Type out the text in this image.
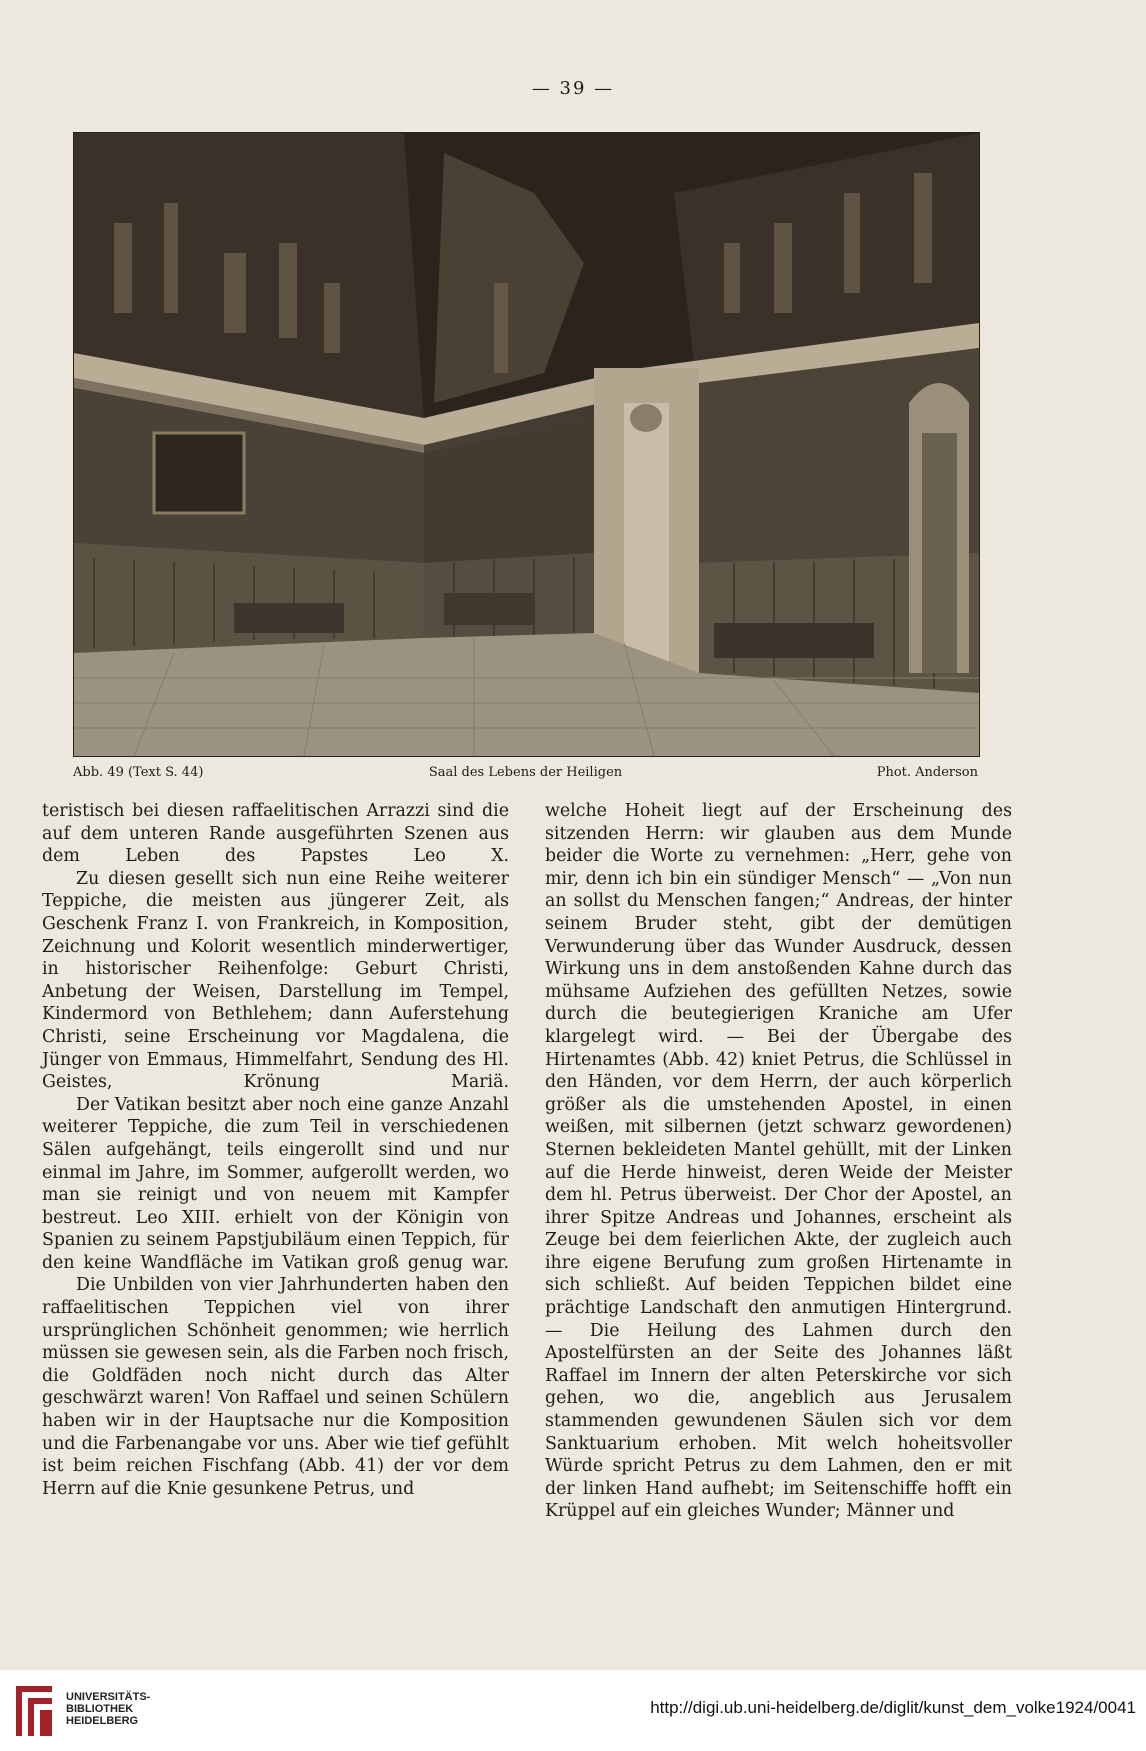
— 39 —
Abb. 49 (Text S. 44)	Saal des Lebens der Heiligen	Phot. Anderson

teristisch bei diesen raffaelitischen Arrazzi sind die auf dem unteren Rande ausgeführten Szenen aus dem Leben des Papstes Leo X.

Zu diesen gesellt sich nun eine Reihe weiterer Teppiche, die meisten aus jüngerer Zeit, als Geschenk Franz I. von Frankreich, in Komposition, Zeichnung und Kolorit wesentlich minderwertiger, in historischer Reihenfolge: Geburt Christi, Anbetung der Weisen, Darstellung im Tempel, Kindermord von Bethlehem; dann Auferstehung Christi, seine Erscheinung vor Magdalena, die Jünger von Emmaus, Himmelfahrt, Sendung des Hl. Geistes, Krönung Mariä.

Der Vatikan besitzt aber noch eine ganze Anzahl weiterer Teppiche, die zum Teil in verschiedenen Sälen aufgehängt, teils eingerollt sind und nur einmal im Jahre, im Sommer, aufgerollt werden, wo man sie reinigt und von neuem mit Kampfer bestreut. Leo XIII. erhielt von der Königin von Spanien zu seinem Papstjubiläum einen Teppich, für den keine Wandfläche im Vatikan groß genug war.

Die Unbilden von vier Jahrhunderten haben den raffaelitischen Teppichen viel von ihrer ursprünglichen Schönheit genommen; wie herrlich müssen sie gewesen sein, als die Farben noch frisch, die Goldfäden noch nicht durch das Alter geschwärzt waren! Von Raffael und seinen Schülern haben wir in der Hauptsache nur die Komposition und die Farbenangabe vor uns. Aber wie tief gefühlt ist beim reichen Fischfang (Abb. 41) der vor dem Herrn auf die Knie gesunkene Petrus, und

welche Hoheit liegt auf der Erscheinung des sitzenden Herrn: wir glauben aus dem Munde beider die Worte zu vernehmen: „Herr, gehe von mir, denn ich bin ein sündiger Mensch“ — „Von nun an sollst du Menschen fangen;“ Andreas, der hinter seinem Bruder steht, gibt der demütigen Verwunderung über das Wunder Ausdruck, dessen Wirkung uns in dem anstoßenden Kahne durch das mühsame Aufziehen des gefüllten Netzes, sowie durch die beutegierigen Kraniche am Ufer klargelegt wird. — Bei der Übergabe des Hirtenamtes (Abb. 42) kniet Petrus, die Schlüssel in den Händen, vor dem Herrn, der auch körperlich größer als die umstehenden Apostel, in einen weißen, mit silbernen (jetzt schwarz gewordenen) Sternen bekleideten Mantel gehüllt, mit der Linken auf die Herde hinweist, deren Weide der Meister dem hl. Petrus überweist. Der Chor der Apostel, an ihrer Spitze Andreas und Johannes, erscheint als Zeuge bei dem feierlichen Akte, der zugleich auch ihre eigene Berufung zum großen Hirtenamte in sich schließt. Auf beiden Teppichen bildet eine prächtige Landschaft den anmutigen Hintergrund. — Die Heilung des Lahmen durch den Apostelfürsten an der Seite des Johannes läßt Raffael im Innern der alten Peterskirche vor sich gehen, wo die, angeblich aus Jerusalem stammenden gewundenen Säulen sich vor dem Sanktuarium erhoben. Mit welch hoheitsvoller Würde spricht Petrus zu dem Lahmen, den er mit der linken Hand aufhebt; im Seitenschiffe hofft ein Krüppel auf ein gleiches Wunder; Männer und

UNIVERSITÄTS-
BIBLIOTHEK
HEIDELBERG
http://digi.ub.uni-heidelberg.de/diglit/kunst_dem_volke1924/0041
